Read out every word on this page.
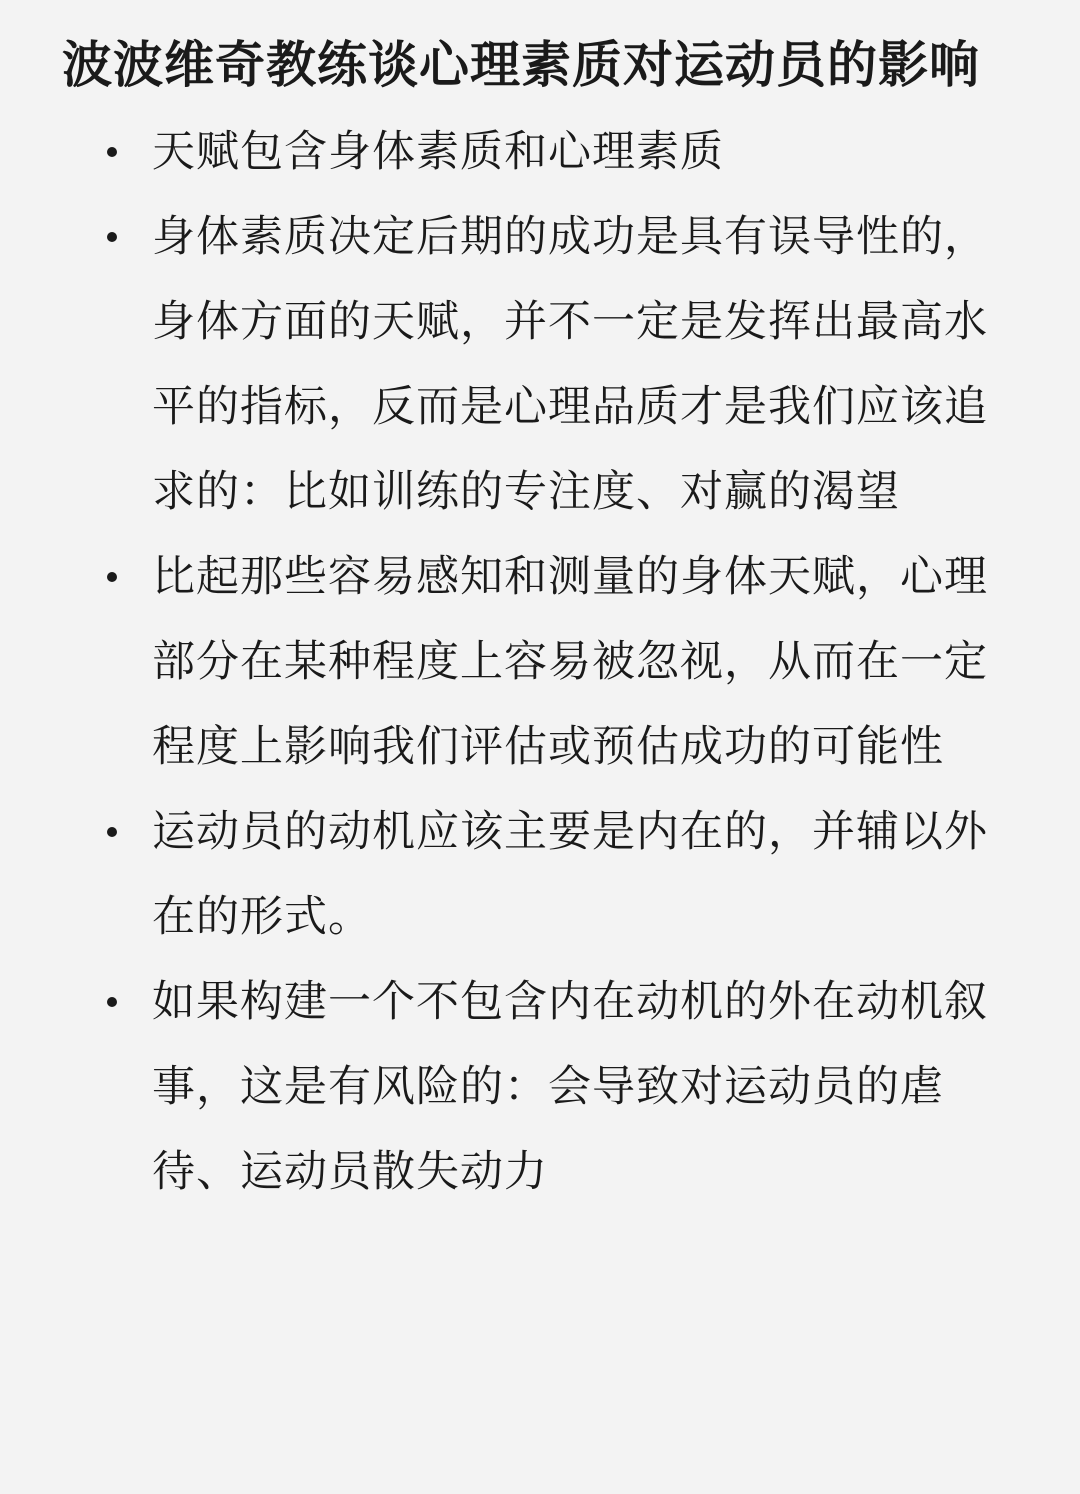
波波维奇教练谈心理素质对运动员的影响
天赋包含身体素质和心理素质
身体素质决定后期的成功是具有误导性的，身体方面的天赋，并不一定是发挥出最高水平的指标，反而是心理品质才是我们应该追求的：比如训练的专注度、对赢的渴望
比起那些容易感知和测量的身体天赋，心理部分在某种程度上容易被忽视，从而在一定程度上影响我们评估或预估成功的可能性
运动员的动机应该主要是内在的，并辅以外在的形式。
如果构建一个不包含内在动机的外在动机叙事，这是有风险的：会导致对运动员的虐待、运动员散失动力
